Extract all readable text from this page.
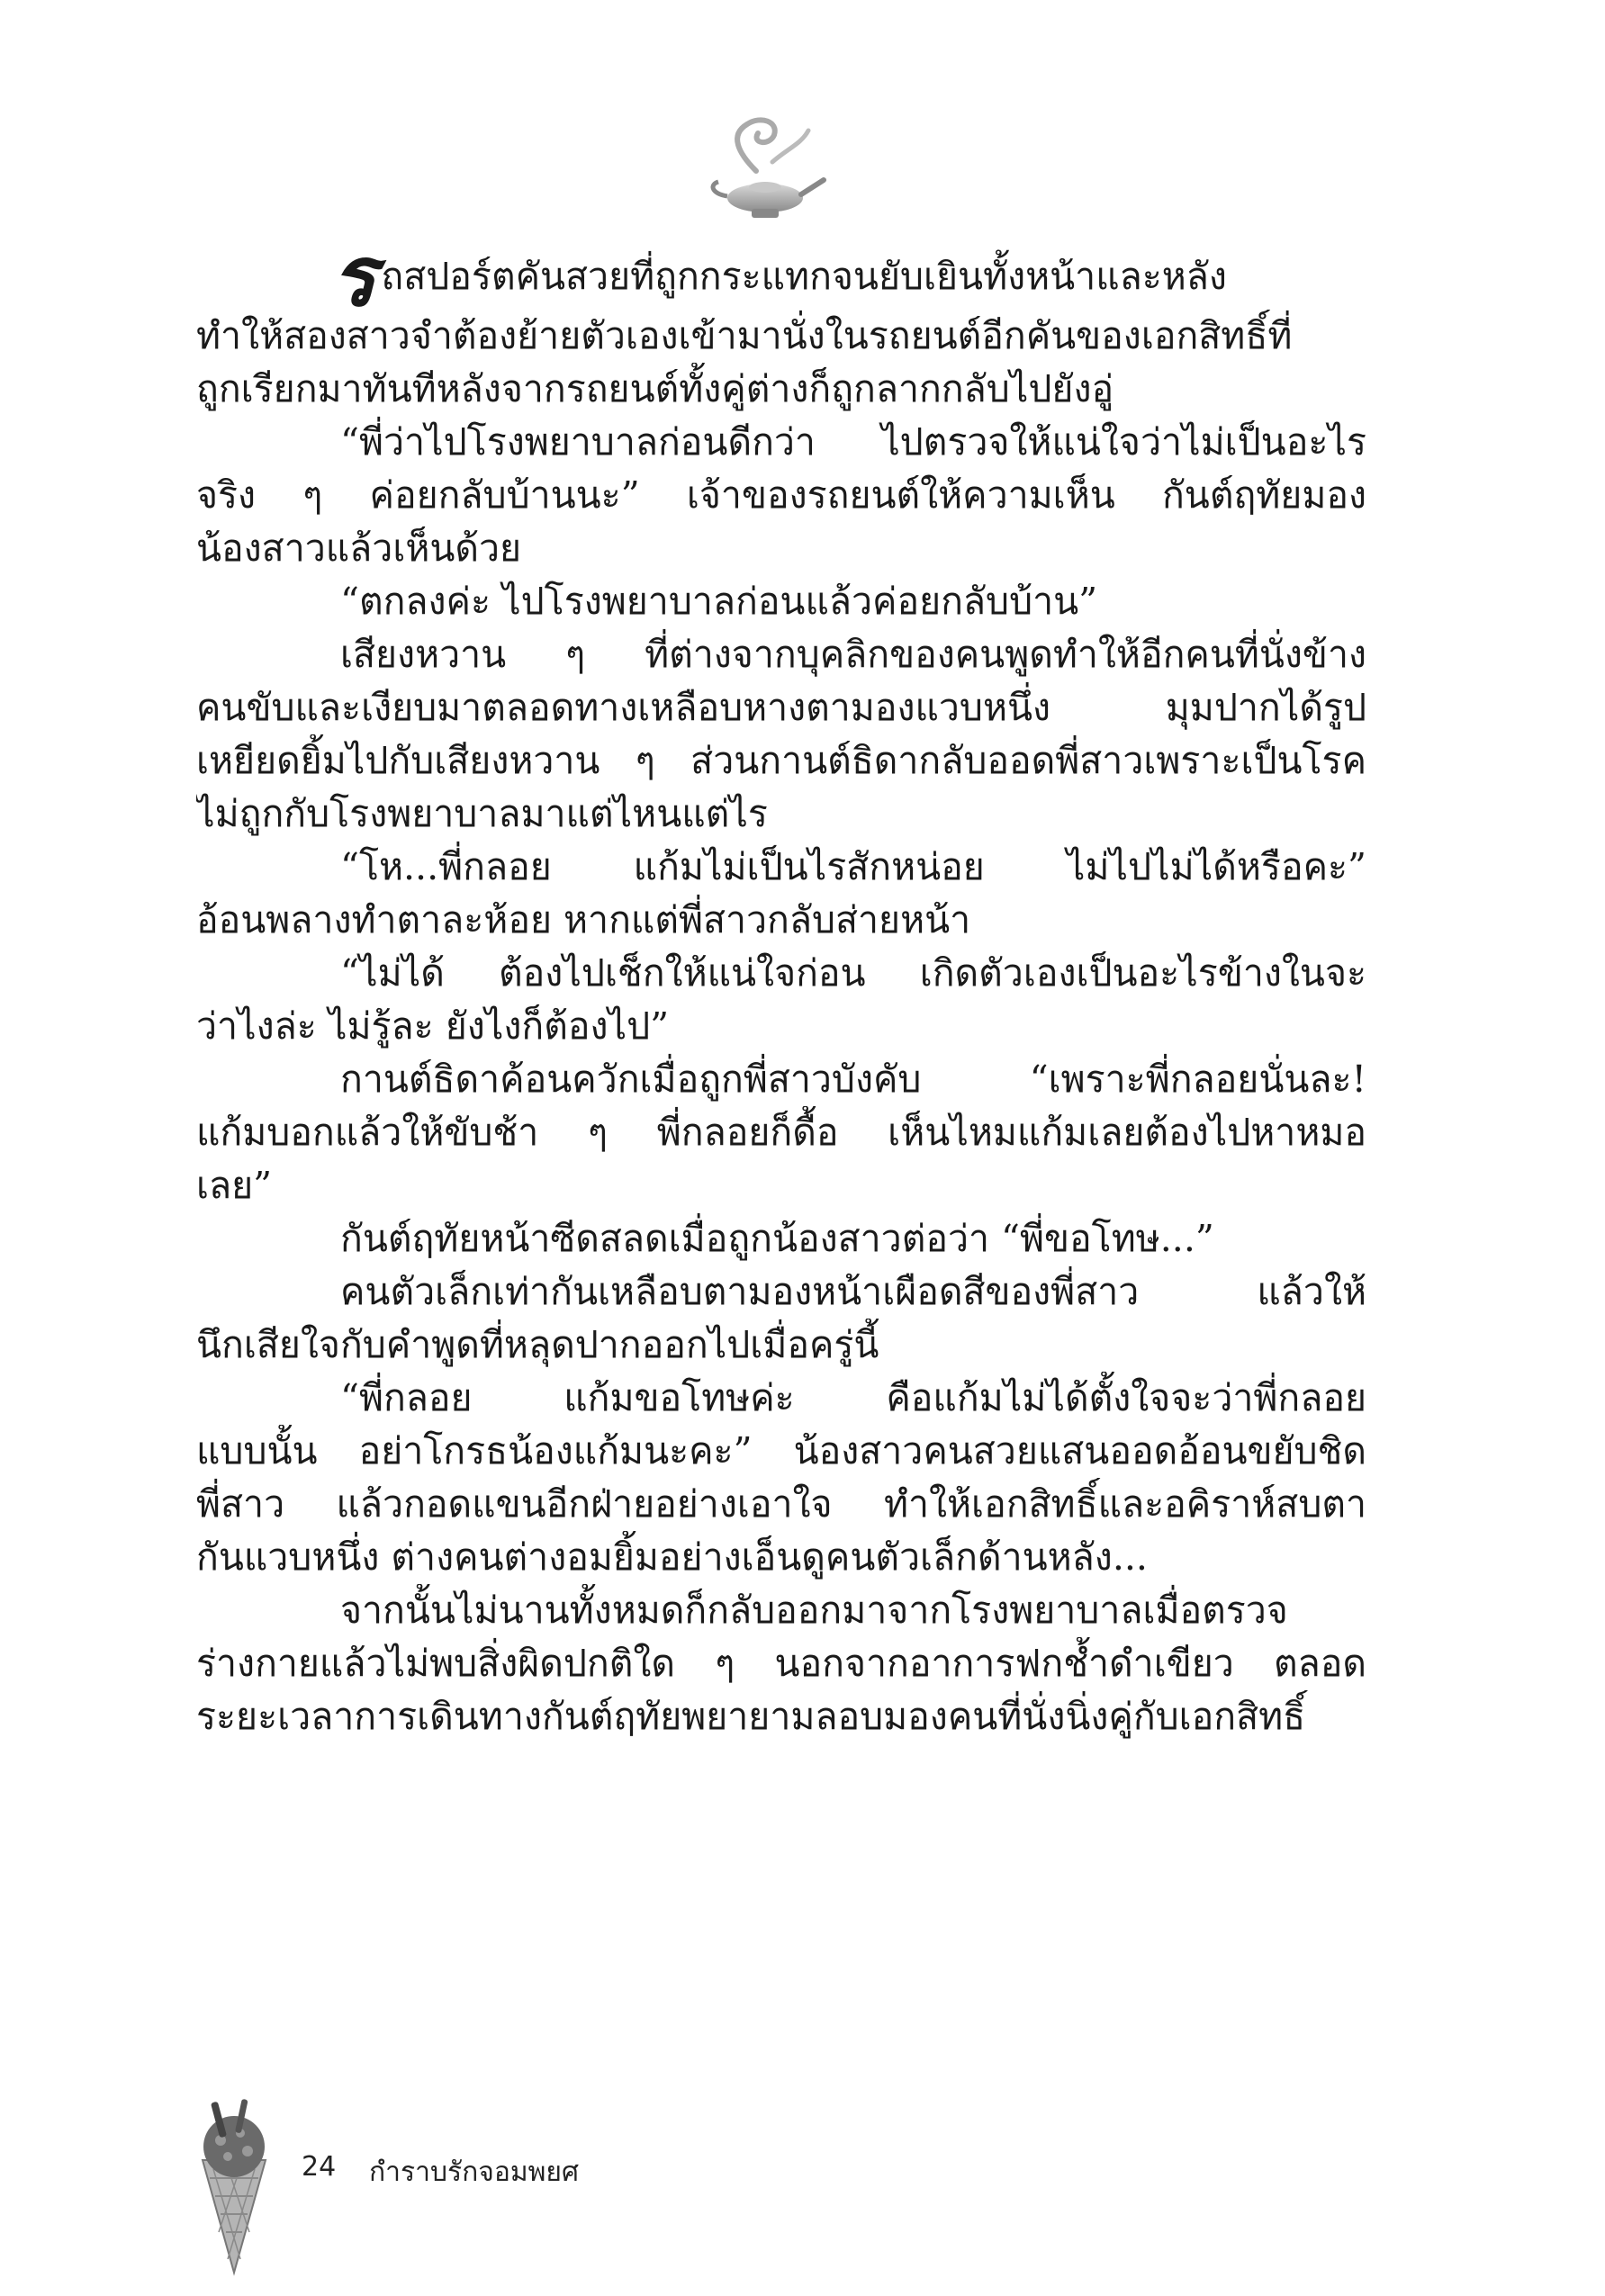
รถสปอร์ตคันสวยที่ถูกกระแทกจนยับเยินทั้งหน้าและหลัง
ทำให้สองสาวจำต้องย้ายตัวเองเข้ามานั่งในรถยนต์อีกคันของเอกสิทธิ์ที่
ถูกเรียกมาทันทีหลังจากรถยนต์ทั้งคู่ต่างก็ถูกลากกลับไปยังอู่
“พี่ว่าไปโรงพยาบาลก่อนดีกว่า ไปตรวจให้แน่ใจว่าไม่เป็นอะไร
จริง ๆ ค่อยกลับบ้านนะ” เจ้าของรถยนต์ให้ความเห็น กันต์ฤทัยมอง
น้องสาวแล้วเห็นด้วย
“ตกลงค่ะ ไปโรงพยาบาลก่อนแล้วค่อยกลับบ้าน”
เสียงหวาน ๆ ที่ต่างจากบุคลิกของคนพูดทำให้อีกคนที่นั่งข้าง
คนขับและเงียบมาตลอดทางเหลือบหางตามองแวบหนึ่ง มุมปากได้รูป
เหยียดยิ้มไปกับเสียงหวาน ๆ ส่วนกานต์ธิดากลับออดพี่สาวเพราะเป็นโรค
ไม่ถูกกับโรงพยาบาลมาแต่ไหนแต่ไร
“โห...พี่กลอย แก้มไม่เป็นไรสักหน่อย ไม่ไปไม่ได้หรือคะ”
อ้อนพลางทำตาละห้อย หากแต่พี่สาวกลับส่ายหน้า
“ไม่ได้ ต้องไปเช็กให้แน่ใจก่อน เกิดตัวเองเป็นอะไรข้างในจะ
ว่าไงล่ะ ไม่รู้ละ ยังไงก็ต้องไป”
กานต์ธิดาค้อนควักเมื่อถูกพี่สาวบังคับ “เพราะพี่กลอยนั่นละ!
แก้มบอกแล้วให้ขับช้า ๆ พี่กลอยก็ดื้อ เห็นไหมแก้มเลยต้องไปหาหมอ
เลย”
กันต์ฤทัยหน้าซีดสลดเมื่อถูกน้องสาวต่อว่า “พี่ขอโทษ...”
คนตัวเล็กเท่ากันเหลือบตามองหน้าเผือดสีของพี่สาว แล้วให้
นึกเสียใจกับคำพูดที่หลุดปากออกไปเมื่อครู่นี้
“พี่กลอย แก้มขอโทษค่ะ คือแก้มไม่ได้ตั้งใจจะว่าพี่กลอย
แบบนั้น อย่าโกรธน้องแก้มนะคะ” น้องสาวคนสวยแสนออดอ้อนขยับชิด
พี่สาว แล้วกอดแขนอีกฝ่ายอย่างเอาใจ ทำให้เอกสิทธิ์และอคิราห์สบตา
กันแวบหนึ่ง ต่างคนต่างอมยิ้มอย่างเอ็นดูคนตัวเล็กด้านหลัง...
จากนั้นไม่นานทั้งหมดก็กลับออกมาจากโรงพยาบาลเมื่อตรวจ
ร่างกายแล้วไม่พบสิ่งผิดปกติใด ๆ นอกจากอาการฟกช้ำดำเขียว ตลอด
ระยะเวลาการเดินทางกันต์ฤทัยพยายามลอบมองคนที่นั่งนิ่งคู่กับเอกสิทธิ์
24 กำราบรักจอมพยศ
